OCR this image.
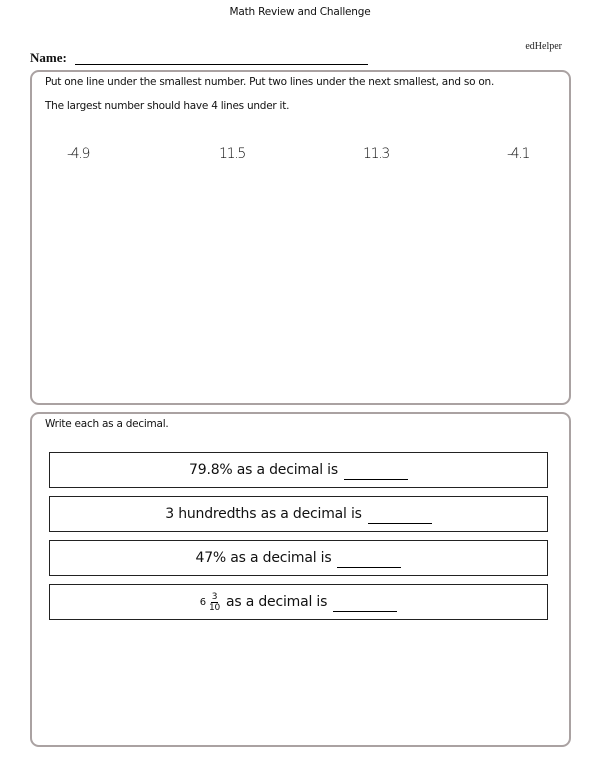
Math Review and Challenge
edHelper
Name:
Put one line under the smallest number. Put two lines under the next smallest, and so on.
The largest number should have 4 lines under it.
-4.9	11.5	11.3	-4.1
Write each as a decimal.
79.8% as a decimal is
3 hundredths as a decimal is
47% as a decimal is
$6 \frac{3}{10}$ as a decimal is
